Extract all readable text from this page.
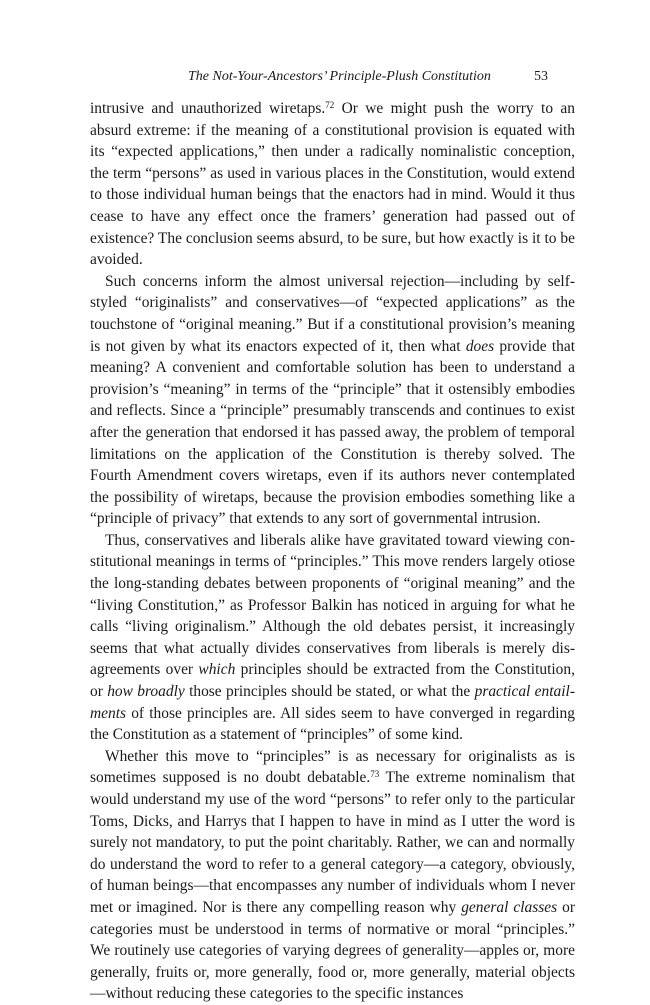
The Not-Your-Ancestors’ Principle-Plush Constitution	53

intrusive and unauthorized wiretaps.$^{72}$ Or we might push the worry to an absurd extreme: if the meaning of a constitutional provision is equated with its “expected applications,” then under a radically nominalistic conception, the term “persons” as used in various places in the Constitution, would extend to those individual human beings that the enactors had in mind. Would it thus cease to have any effect once the framers’ generation had passed out of existence? The conclusion seems absurd, to be sure, but how exactly is it to be avoided.

Such concerns inform the almost universal rejection—including by self-styled “originalists” and conservatives—of “expected applications” as the touchstone of “original meaning.” But if a constitutional provision’s meaning is not given by what its enactors expected of it, then what does provide that meaning? A convenient and comfortable solution has been to understand a provision’s “meaning” in terms of the “principle” that it ostensibly embodies and reflects. Since a “principle” presumably transcends and continues to exist after the generation that endorsed it has passed away, the problem of temporal limitations on the application of the Constitution is thereby solved. The Fourth Amendment covers wiretaps, even if its authors never contemplated the possibility of wiretaps, because the provision embodies something like a “principle of privacy” that extends to any sort of governmental intrusion.

Thus, conservatives and liberals alike have gravitated toward viewing constitutional meanings in terms of “principles.” This move renders largely otiose the long-standing debates between proponents of “original meaning” and the “living Constitution,” as Professor Balkin has noticed in arguing for what he calls “living originalism.” Although the old debates persist, it increasingly seems that what actually divides conservatives from liberals is merely disagreements over which principles should be extracted from the Constitution, or how broadly those principles should be stated, or what the practical entailments of those principles are. All sides seem to have converged in regarding the Constitution as a statement of “principles” of some kind.

Whether this move to “principles” is as necessary for originalists as is sometimes supposed is no doubt debatable.$^{73}$ The extreme nominalism that would understand my use of the word “persons” to refer only to the particular Toms, Dicks, and Harrys that I happen to have in mind as I utter the word is surely not mandatory, to put the point charitably. Rather, we can and normally do understand the word to refer to a general category—a category, obviously, of human beings—that encompasses any number of individuals whom I never met or imagined. Nor is there any compelling reason why general classes or categories must be understood in terms of normative or moral “principles.” We routinely use categories of varying degrees of generality—apples or, more generally, fruits or, more generally, food or, more generally, material objects—without reducing these categories to the specific instances
